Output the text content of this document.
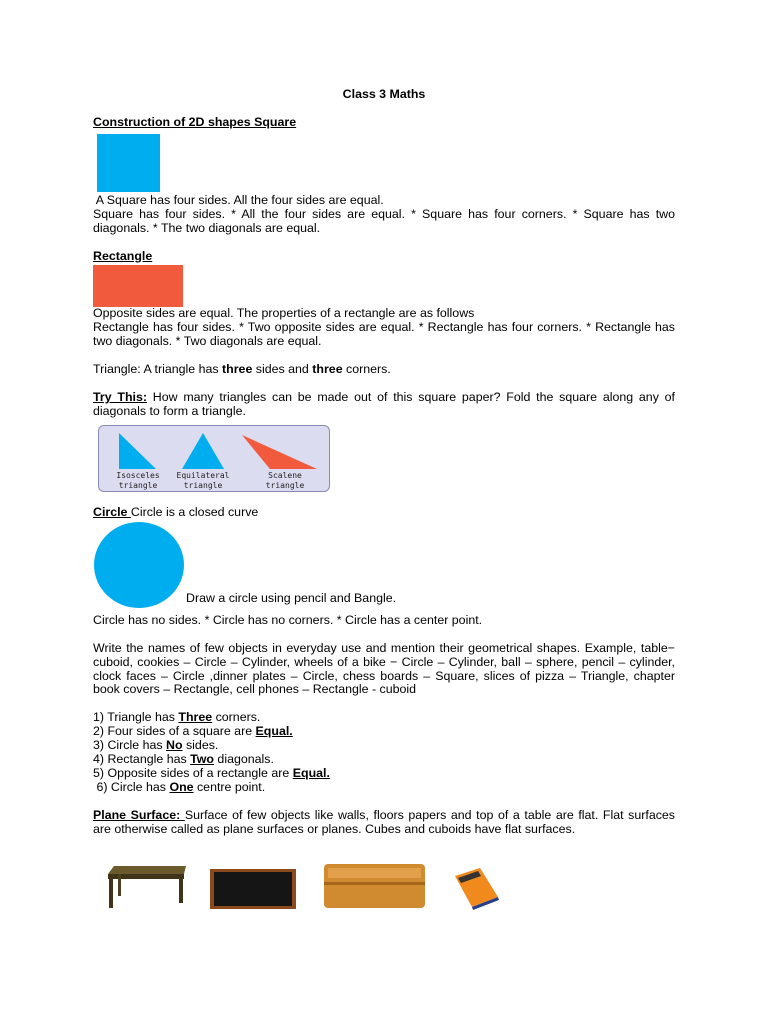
Class 3 Maths
Construction of 2D shapes Square
A Square has four sides. All the four sides are equal.
Square has four sides. * All the four sides are equal. * Square has four corners. * Square has two diagonals. * The two diagonals are equal.
Rectangle
Opposite sides are equal. The properties of a rectangle are as follows
Rectangle has four sides. * Two opposite sides are equal. * Rectangle has four corners. * Rectangle has two diagonals. * Two diagonals are equal.
Triangle: A triangle has three sides and three corners.
Try This: How many triangles can be made out of this square paper? Fold the square along any of diagonals to form a triangle.
Isosceles
triangle
Equilateral
triangle
Scalene
triangle
Circle Circle is a closed curve
Draw a circle using pencil and Bangle.
Circle has no sides. * Circle has no corners. * Circle has a center point.
Write the names of few objects in everyday use and mention their geometrical shapes. Example, table− cuboid, cookies – Circle – Cylinder, wheels of a bike − Circle – Cylinder, ball – sphere, pencil – cylinder, clock faces – Circle ,dinner plates – Circle, chess boards – Square, slices of pizza – Triangle, chapter book covers – Rectangle, cell phones – Rectangle - cuboid
1) Triangle has Three corners.
2) Four sides of a square are Equal.
3) Circle has No sides.
4) Rectangle has Two diagonals.
5) Opposite sides of a rectangle are Equal.
6) Circle has One centre point.
Plane Surface: Surface of few objects like walls, floors papers and top of a table are flat. Flat surfaces are otherwise called as plane surfaces or planes. Cubes and cuboids have flat surfaces.
